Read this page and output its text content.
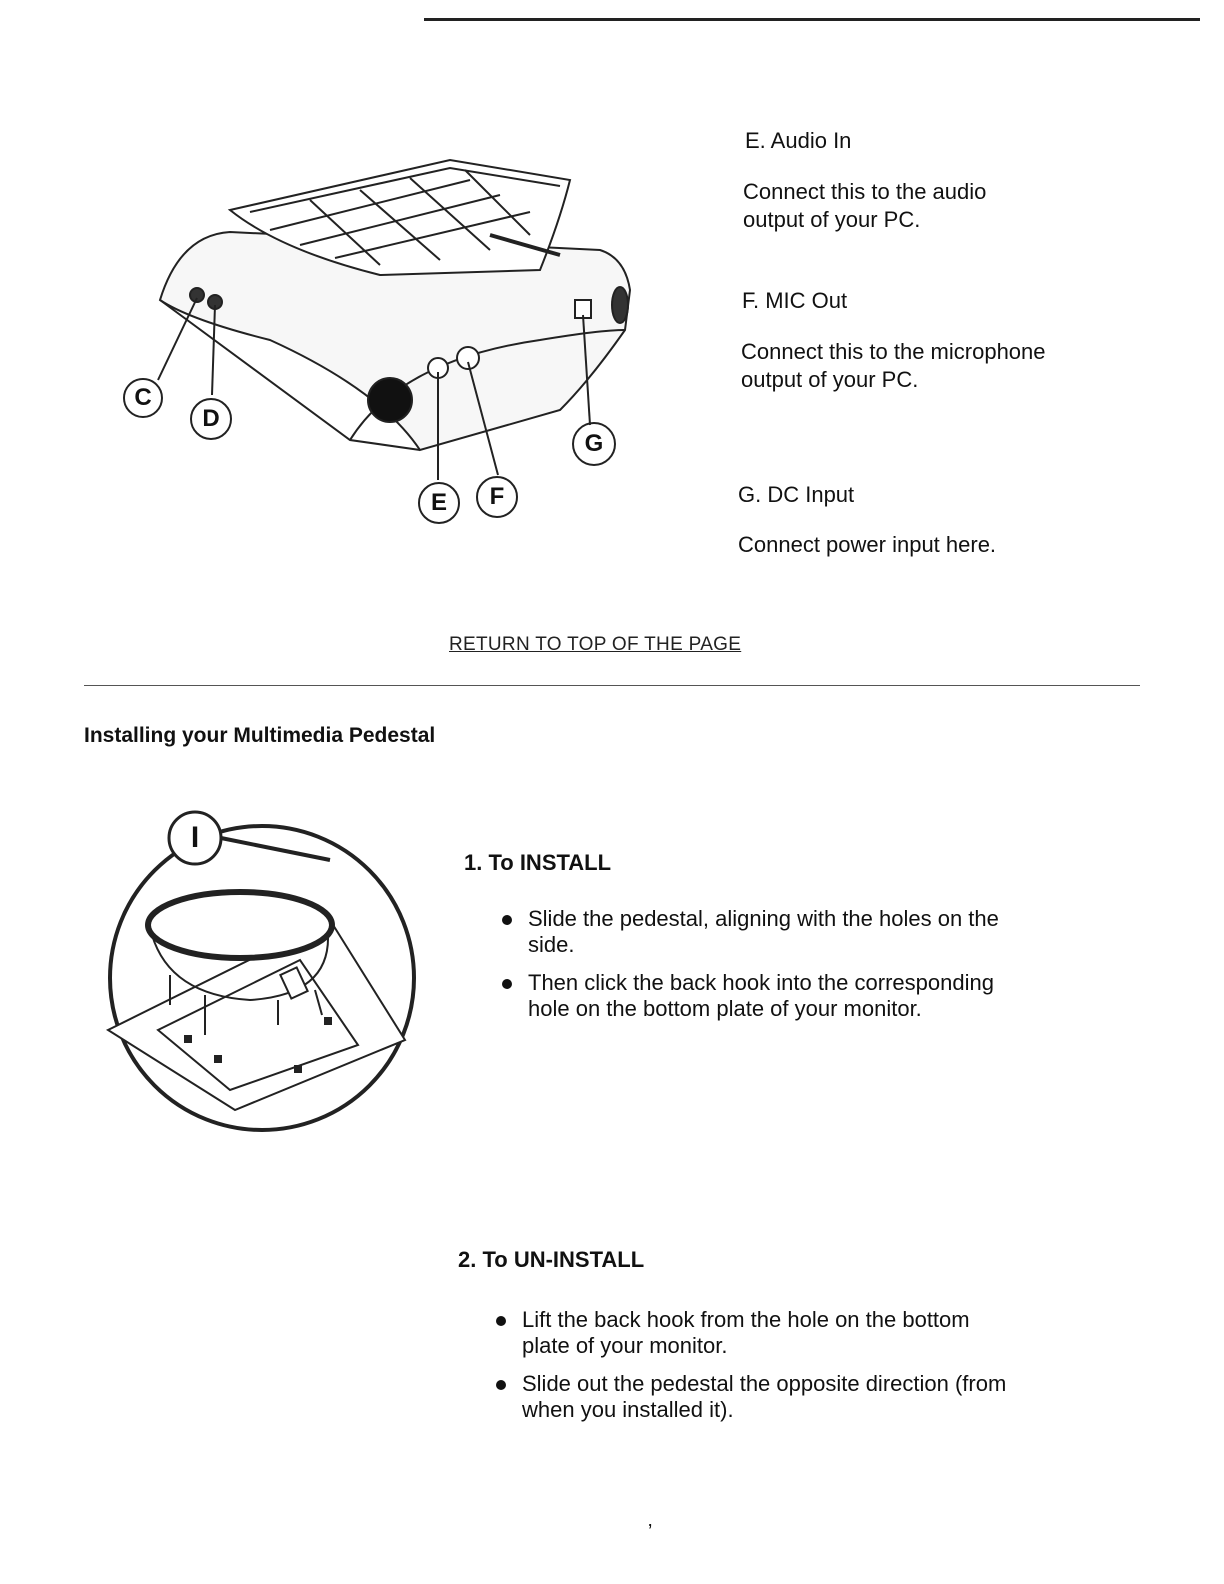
C
D
E	F
G
E. Audio In
Connect this to the audio
output of your PC.
F. MIC Out
Connect this to the microphone
output of your PC.
G. DC Input
Connect power input here.
RETURN TO TOP OF THE PAGE
Installing your Multimedia Pedestal
I
1. To INSTALL
Slide the pedestal, aligning with the holes on the
side.
Then click the back hook into the corresponding
hole on the bottom plate of your monitor.
2. To UN-INSTALL
Lift the back hook from the hole on the bottom
plate of your monitor.
Slide out the pedestal the opposite direction (from
when you installed it).
ʼ
